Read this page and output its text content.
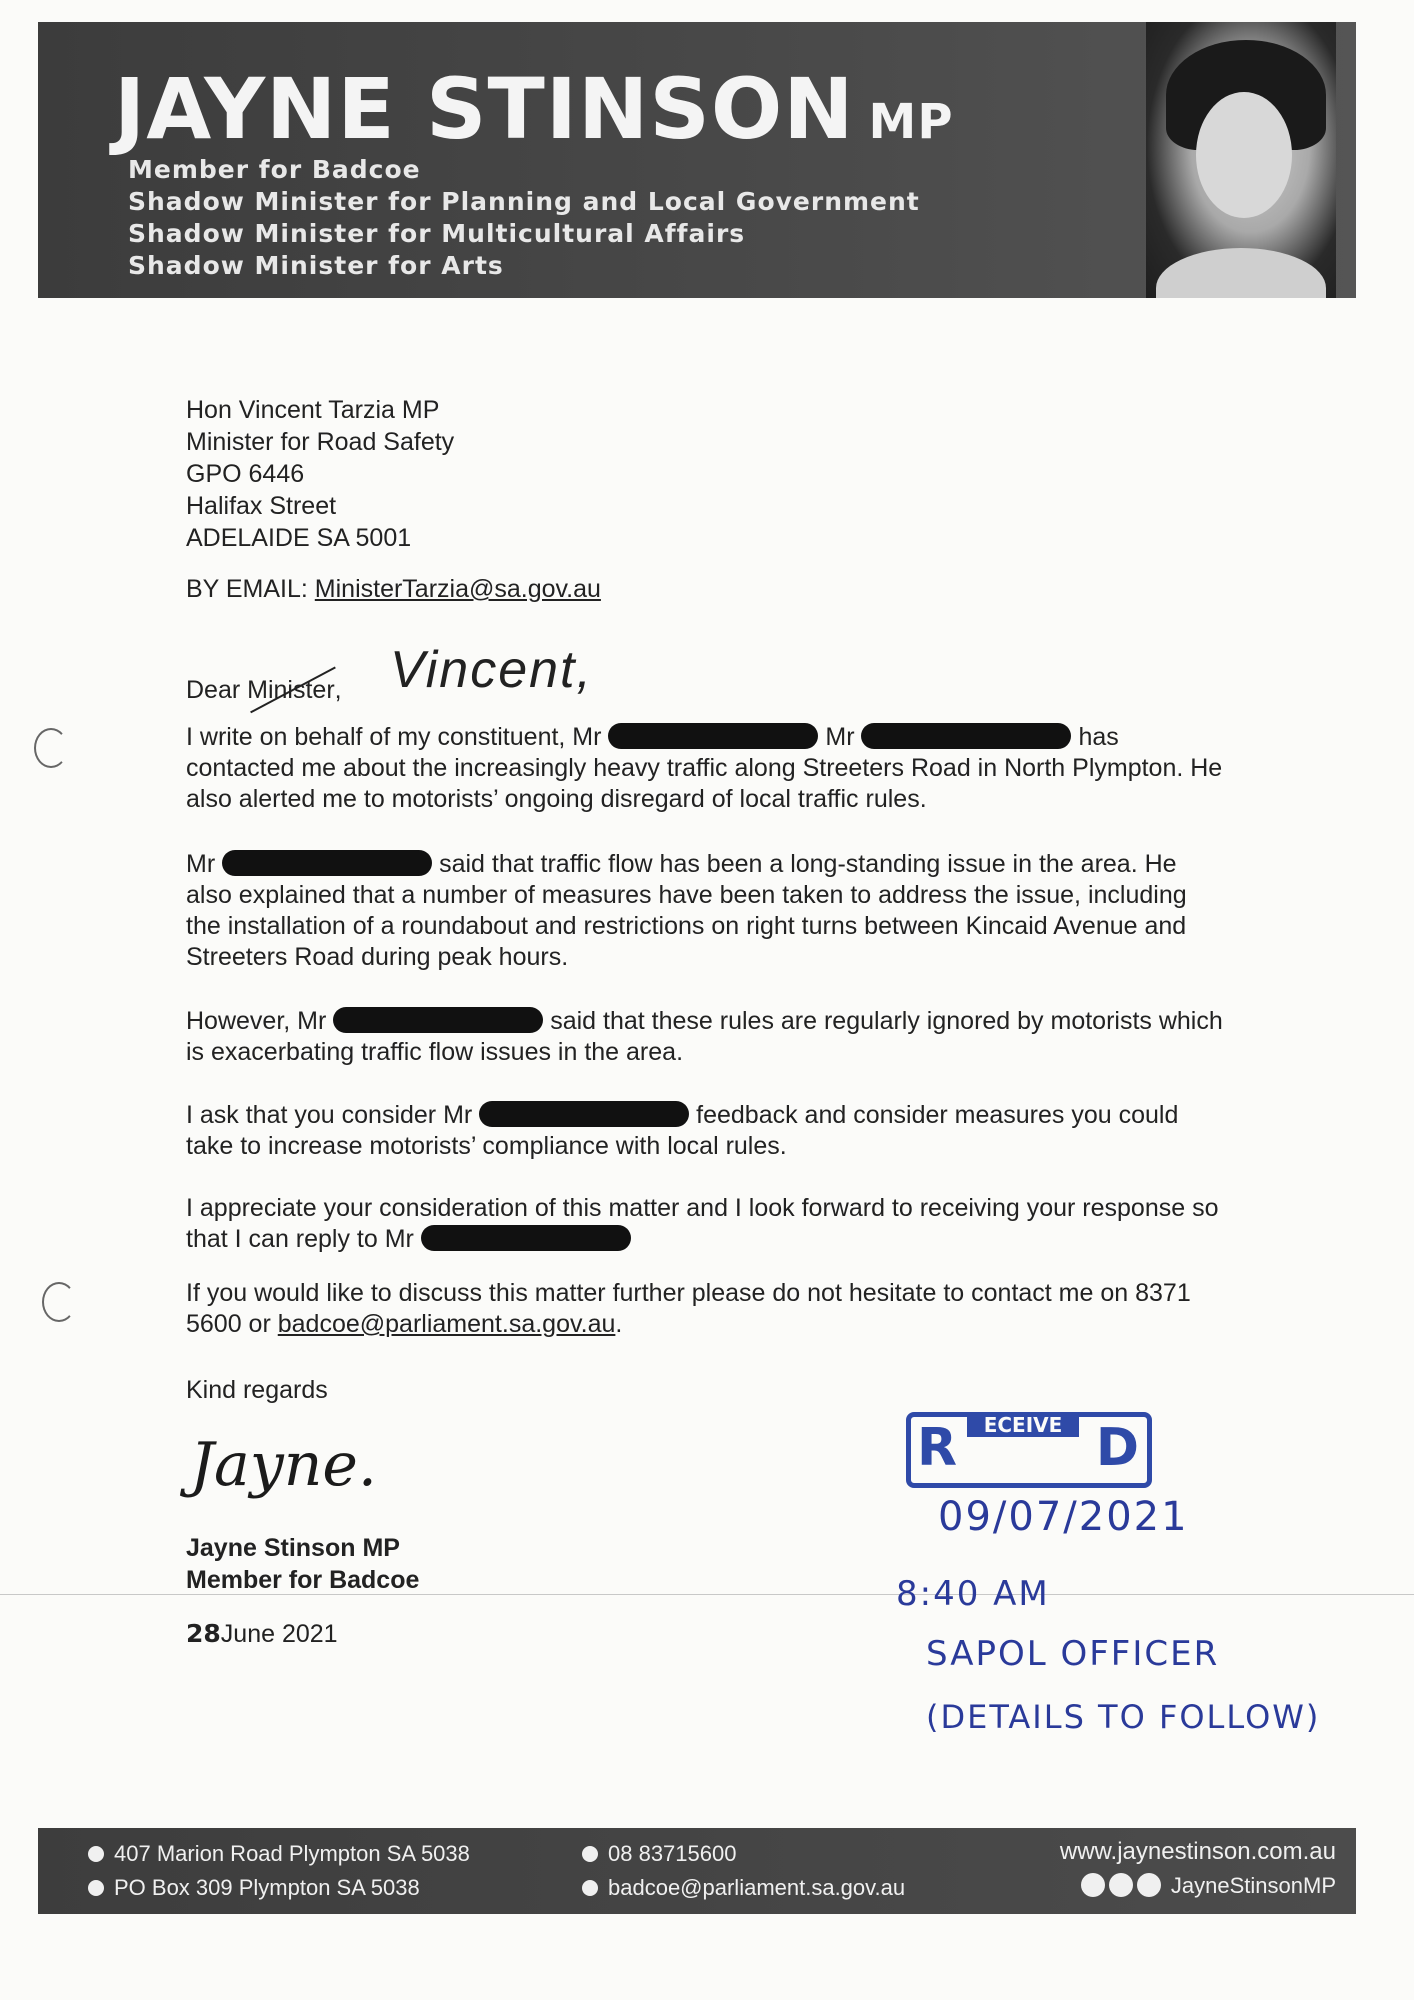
JAYNE STINSON MP
Member for Badcoe
Shadow Minister for Planning and Local Government
Shadow Minister for Multicultural Affairs
Shadow Minister for Arts
Hon Vincent Tarzia MP
Minister for Road Safety
GPO 6446
Halifax Street
ADELAIDE SA 5001
BY EMAIL: MinisterTarzia@sa.gov.au
Dear Minister, Vincent,
I write on behalf of my constituent, Mr	Mr	has contacted me about the increasingly heavy traffic along Streeters Road in North Plympton. He also alerted me to motorists’ ongoing disregard of local traffic rules.
Mr	said that traffic flow has been a long-standing issue in the area. He also explained that a number of measures have been taken to address the issue, including the installation of a roundabout and restrictions on right turns between Kincaid Avenue and Streeters Road during peak hours.
However, Mr	said that these rules are regularly ignored by motorists which is exacerbating traffic flow issues in the area.
I ask that you consider Mr	feedback and consider measures you could take to increase motorists’ compliance with local rules.
I appreciate your consideration of this matter and I look forward to receiving your response so that I can reply to Mr
If you would like to discuss this matter further please do not hesitate to contact me on 8371 5600 or badcoe@parliament.sa.gov.au.
Kind regards
Jayne.
Jayne Stinson MP
Member for Badcoe
28June 2021
R	ECEIVE D
09/07/2021
8:40 AM
SAPOL OFFICER
(DETAILS TO FOLLOW)
407 Marion Road Plympton SA 5038
PO Box 309 Plympton SA 5038
08 83715600
badcoe@parliament.sa.gov.au
www.jaynestinson.com.au
JayneStinsonMP
